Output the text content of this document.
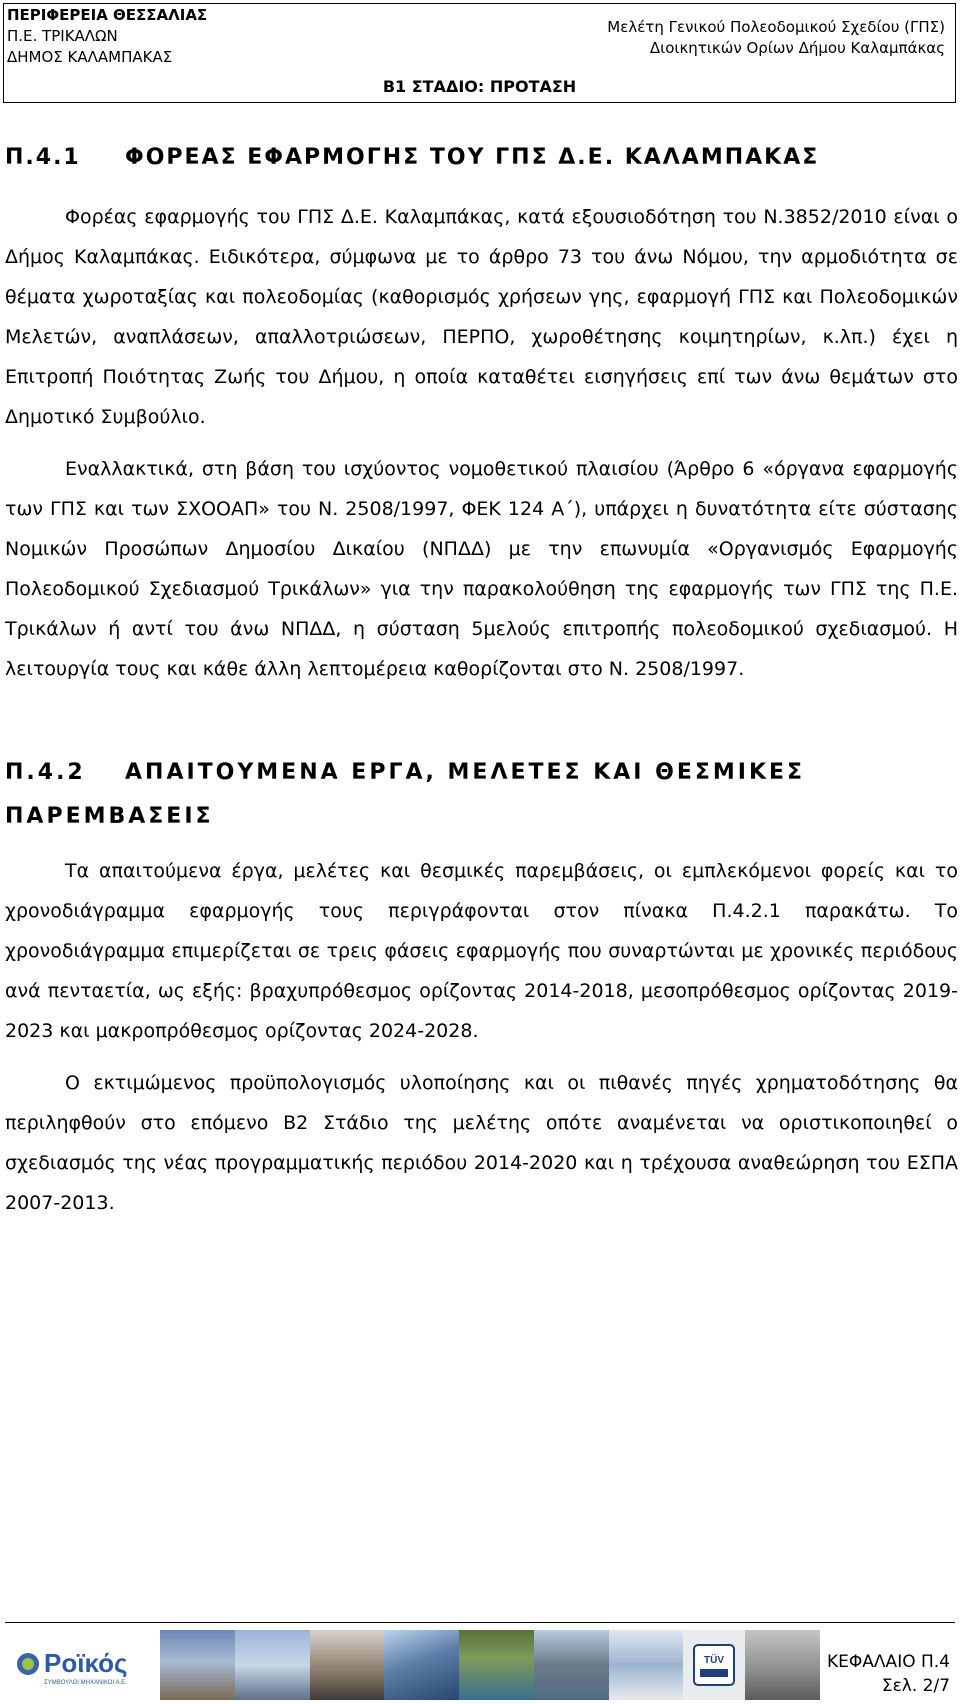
ΠΕΡΙΦΕΡΕΙΑ ΘΕΣΣΑΛΙΑΣ
Π.Ε. ΤΡΙΚΑΛΩΝ
ΔΗΜΟΣ ΚΑΛΑΜΠΑΚΑΣ
Μελέτη Γενικού Πολεοδομικού Σχεδίου (ΓΠΣ)
Διοικητικών Ορίων Δήμου Καλαμπάκας
Β1 ΣΤΑΔΙΟ: ΠΡΟΤΑΣΗ
Π.4.1 ΦΟΡΕΑΣ ΕΦΑΡΜΟΓΗΣ ΤΟΥ ΓΠΣ Δ.Ε. ΚΑΛΑΜΠΑΚΑΣ

Φορέας εφαρμογής του ΓΠΣ Δ.Ε. Καλαμπάκας, κατά εξουσιοδότηση του Ν.3852/2010 είναι ο Δήμος Καλαμπάκας. Ειδικότερα, σύμφωνα με το άρθρο 73 του άνω Νόμου, την αρμοδιότητα σε θέματα χωροταξίας και πολεοδομίας (καθορισμός χρήσεων γης, εφαρμογή ΓΠΣ και Πολεοδομικών Μελετών, αναπλάσεων, απαλλοτριώσεων, ΠΕΡΠΟ, χωροθέτησης κοιμητηρίων, κ.λπ.) έχει η Επιτροπή Ποιότητας Ζωής του Δήμου, η οποία καταθέτει εισηγήσεις επί των άνω θεμάτων στο Δημοτικό Συμβούλιο.

Εναλλακτικά, στη βάση του ισχύοντος νομοθετικού πλαισίου (Άρθρο 6 «όργανα εφαρμογής των ΓΠΣ και των ΣΧΟΟΑΠ» του Ν. 2508/1997, ΦΕΚ 124 Α΄), υπάρχει η δυνατότητα είτε σύστασης Νομικών Προσώπων Δημοσίου Δικαίου (ΝΠΔΔ) με την επωνυμία «Οργανισμός Εφαρμογής Πολεοδομικού Σχεδιασμού Τρικάλων» για την παρακολούθηση της εφαρμογής των ΓΠΣ της Π.Ε. Τρικάλων ή αντί του άνω ΝΠΔΔ, η σύσταση 5μελούς επιτροπής πολεοδομικού σχεδιασμού. Η λειτουργία τους και κάθε άλλη λεπτομέρεια καθορίζονται στο Ν. 2508/1997.

Π.4.2 ΑΠΑΙΤΟΥΜΕΝΑ ΕΡΓΑ, ΜΕΛΕΤΕΣ ΚΑΙ ΘΕΣΜΙΚΕΣ ΠΑΡΕΜΒΑΣΕΙΣ

Τα απαιτούμενα έργα, μελέτες και θεσμικές παρεμβάσεις, οι εμπλεκόμενοι φορείς και το χρονοδιάγραμμα εφαρμογής τους περιγράφονται στον πίνακα Π.4.2.1 παρακάτω. Το χρονοδιάγραμμα επιμερίζεται σε τρεις φάσεις εφαρμογής που συναρτώνται με χρονικές περιόδους ανά πενταετία, ως εξής: βραχυπρόθεσμος ορίζοντας 2014-2018, μεσοπρόθεσμος ορίζοντας 2019-2023 και μακροπρόθεσμος ορίζοντας 2024-2028.

Ο εκτιμώμενος προϋπολογισμός υλοποίησης και οι πιθανές πηγές χρηματοδότησης θα περιληφθούν στο επόμενο Β2 Στάδιο της μελέτης οπότε αναμένεται να οριστικοποιηθεί ο σχεδιασμός της νέας προγραμματικής περιόδου 2014-2020 και η τρέχουσα αναθεώρηση του ΕΣΠΑ 2007-2013.

Ροϊκός
ΣΥΜΒΟΥΛΟΙ ΜΗΧΑΝΙΚΟΙ Α.Ε.
TÜV	ΚΕΦΑΛΑΙΟ Π.4
Σελ. 2/7
